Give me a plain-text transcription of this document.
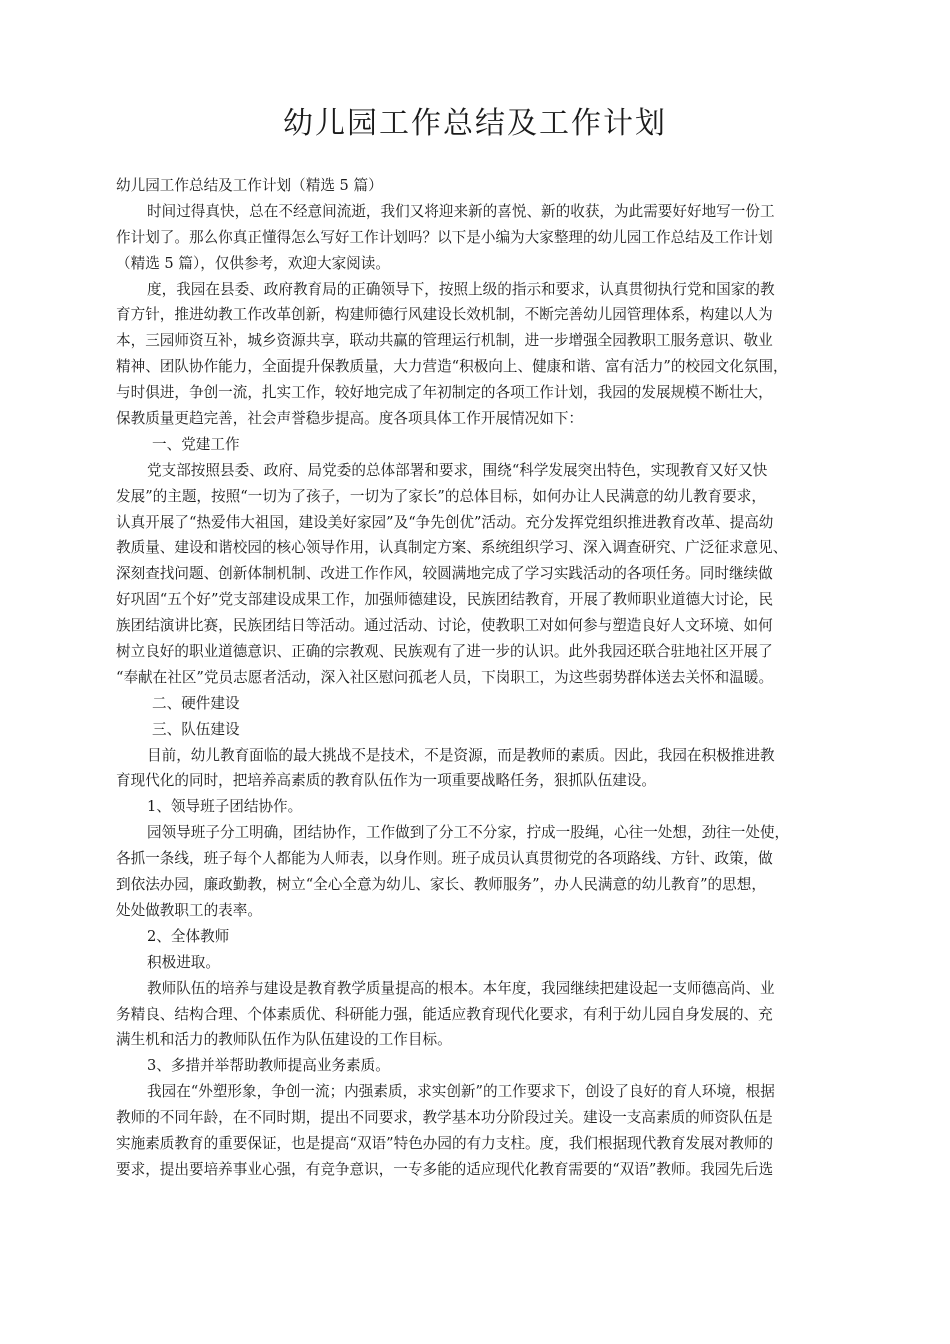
幼儿园工作总结及工作计划
幼儿园工作总结及工作计划（精选 5 篇）
时间过得真快，总在不经意间流逝，我们又将迎来新的喜悦、新的收获，为此需要好好地写一份工
作计划了。那么你真正懂得怎么写好工作计划吗？以下是小编为大家整理的幼儿园工作总结及工作计划
（精选 5 篇），仅供参考，欢迎大家阅读。
度，我园在县委、政府教育局的正确领导下，按照上级的指示和要求，认真贯彻执行党和国家的教
育方针，推进幼教工作改革创新，构建师德行风建设长效机制，不断完善幼儿园管理体系，构建以人为
本，三园师资互补，城乡资源共享，联动共赢的管理运行机制，进一步增强全园教职工服务意识、敬业
精神、团队协作能力，全面提升保教质量，大力营造“积极向上、健康和谐、富有活力”的校园文化氛围，
与时俱进，争创一流，扎实工作，较好地完成了年初制定的各项工作计划，我园的发展规模不断壮大，
保教质量更趋完善，社会声誉稳步提高。度各项具体工作开展情况如下：
一、党建工作
党支部按照县委、政府、局党委的总体部署和要求，围绕“科学发展突出特色，实现教育又好又快
发展”的主题，按照“一切为了孩子，一切为了家长”的总体目标，如何办让人民满意的幼儿教育要求，
认真开展了“热爱伟大祖国，建设美好家园”及“争先创优”活动。充分发挥党组织推进教育改革、提高幼
教质量、建设和谐校园的核心领导作用，认真制定方案、系统组织学习、深入调查研究、广泛征求意见、
深刻查找问题、创新体制机制、改进工作作风，较圆满地完成了学习实践活动的各项任务。同时继续做
好巩固“五个好”党支部建设成果工作，加强师德建设，民族团结教育，开展了教师职业道德大讨论，民
族团结演讲比赛，民族团结日等活动。通过活动、讨论，使教职工对如何参与塑造良好人文环境、如何
树立良好的职业道德意识、正确的宗教观、民族观有了进一步的认识。此外我园还联合驻地社区开展了
“奉献在社区”党员志愿者活动，深入社区慰问孤老人员，下岗职工，为这些弱势群体送去关怀和温暖。
二、硬件建设
三、队伍建设
目前，幼儿教育面临的最大挑战不是技术，不是资源，而是教师的素质。因此，我园在积极推进教
育现代化的同时，把培养高素质的教育队伍作为一项重要战略任务，狠抓队伍建设。
1、领导班子团结协作。
园领导班子分工明确，团结协作，工作做到了分工不分家，拧成一股绳，心往一处想，劲往一处使，
各抓一条线，班子每个人都能为人师表，以身作则。班子成员认真贯彻党的各项路线、方针、政策，做
到依法办园，廉政勤教，树立“全心全意为幼儿、家长、教师服务”，办人民满意的幼儿教育”的思想，
处处做教职工的表率。
2、全体教师
积极进取。
教师队伍的培养与建设是教育教学质量提高的根本。本年度，我园继续把建设起一支师德高尚、业
务精良、结构合理、个体素质优、科研能力强，能适应教育现代化要求，有利于幼儿园自身发展的、充
满生机和活力的教师队伍作为队伍建设的工作目标。
3、多措并举帮助教师提高业务素质。
我园在“外塑形象，争创一流；内强素质，求实创新”的工作要求下，创设了良好的育人环境，根据
教师的不同年龄，在不同时期，提出不同要求，教学基本功分阶段过关。建设一支高素质的师资队伍是
实施素质教育的重要保证，也是提高“双语”特色办园的有力支柱。度，我们根据现代教育发展对教师的
要求，提出要培养事业心强，有竞争意识，一专多能的适应现代化教育需要的“双语”教师。我园先后选
